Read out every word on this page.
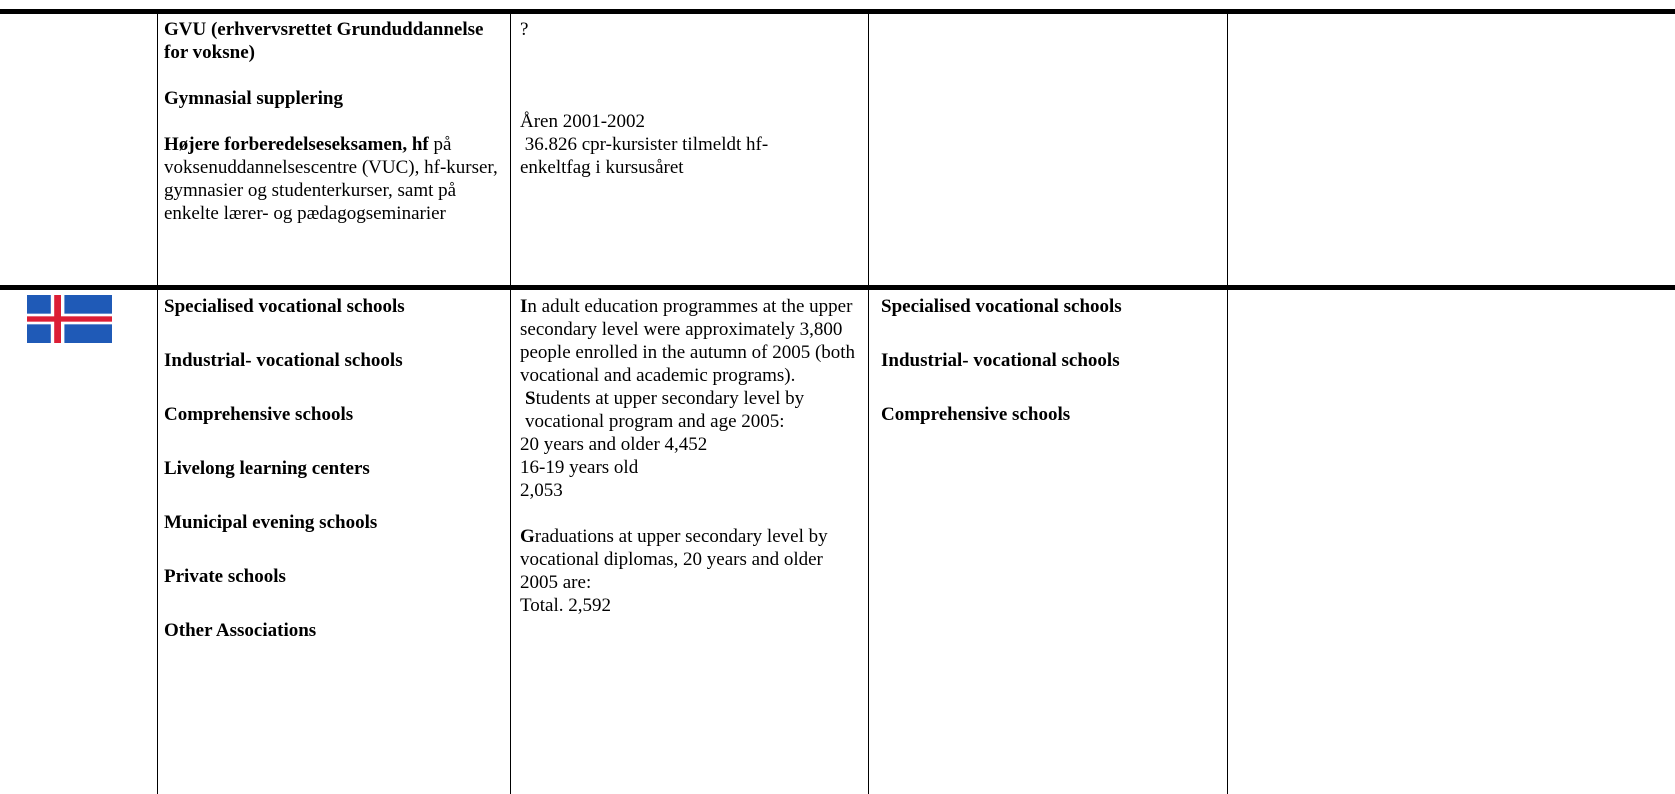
GVU (erhvervsrettet Grunduddannelse for voksne)

Gymnasial supplering

Højere forberedelseseksamen, hf på voksenuddannelsescentre (VUC), hf-kurser, gymnasier og studenterkurser, samt på enkelte lærer- og pædagogseminarier

?

Åren 2001-2002

36.826 cpr-kursister tilmeldt hf-

enkeltfag i kursusåret

Specialised vocational schools

Industrial- vocational schools

Comprehensive schools

Livelong learning centers

Municipal evening schools

Private schools

Other Associations

In adult education programmes at the upper secondary level were approximately 3,800 people enrolled in the autumn of 2005 (both vocational and academic programs).

Students at upper secondary level by vocational program and age 2005:

20 years and older 4,452

16-19 years old

2,053

Graduations at upper secondary level by vocational diplomas, 20 years and older 2005 are:

Total. 2,592

Specialised vocational schools

Industrial- vocational schools

Comprehensive schools
